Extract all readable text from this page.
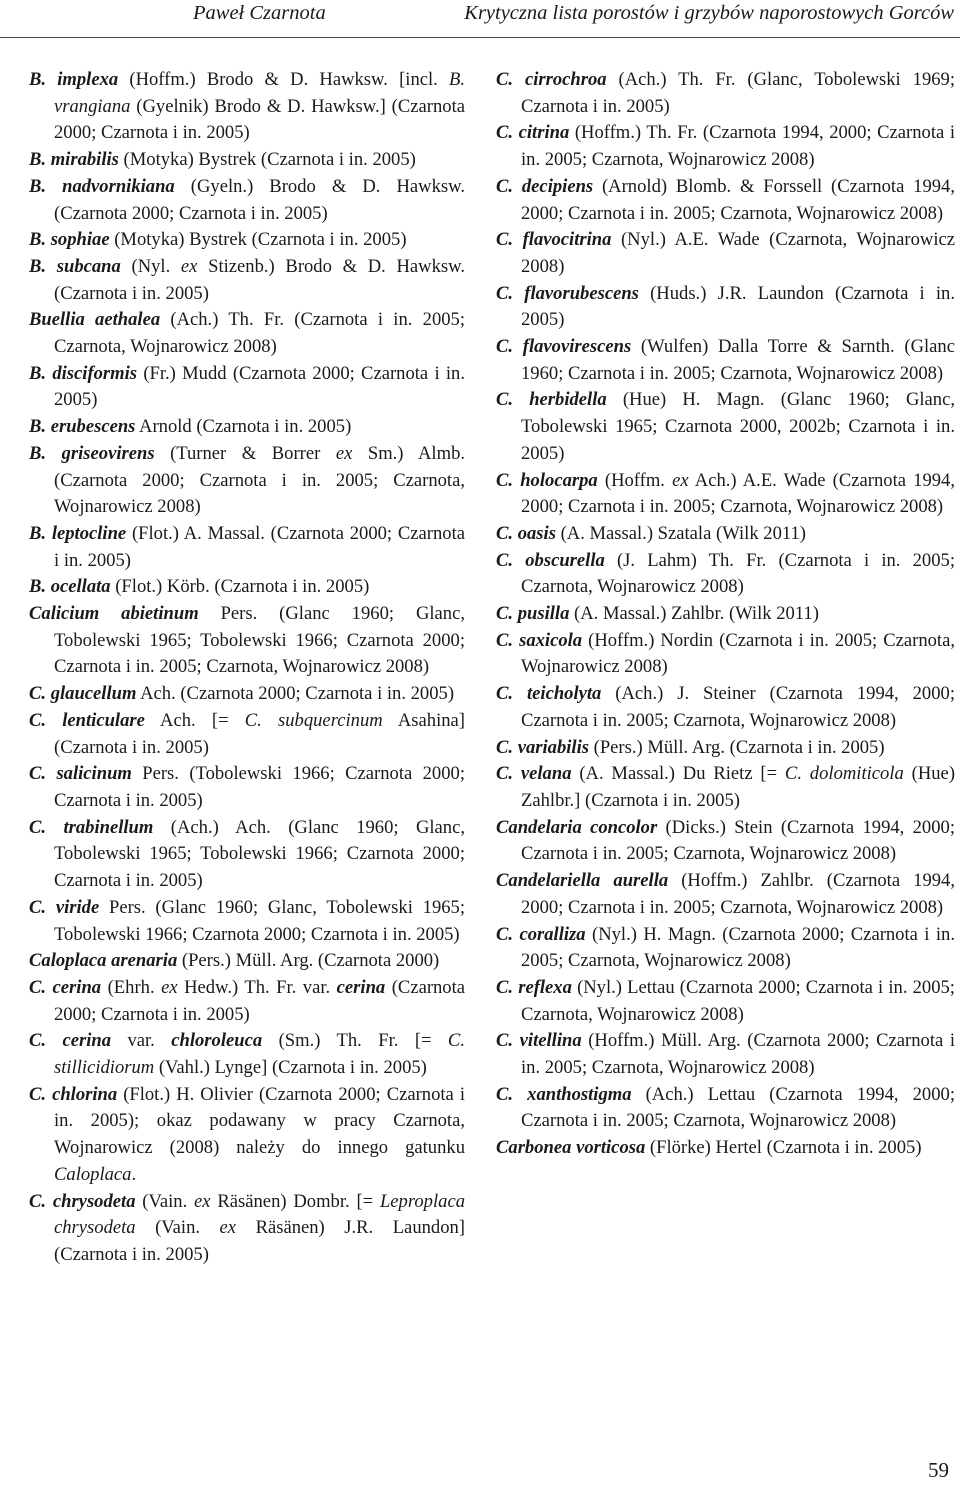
Paweł Czarnota	Krytyczna lista porostów i grzybów naporostowych Gorców

B. implexa (Hoffm.) Brodo & D. Hawksw. [incl. B. vrangiana (Gyelnik) Brodo & D. Hawksw.] (Czarnota 2000; Czarnota i in. 2005)

B. mirabilis (Motyka) Bystrek (Czarnota i in. 2005)

B. nadvornikiana (Gyeln.) Brodo & D. Hawksw. (Czarnota 2000; Czarnota i in. 2005)

B. sophiae (Motyka) Bystrek (Czarnota i in. 2005)

B. subcana (Nyl. ex Stizenb.) Brodo & D. Hawksw. (Czarnota i in. 2005)

Buellia aethalea (Ach.) Th. Fr. (Czarnota i in. 2005; Czarnota, Wojnarowicz 2008)

B. disciformis (Fr.) Mudd (Czarnota 2000; Czarnota i in. 2005)

B. erubescens Arnold (Czarnota i in. 2005)

B. griseovirens (Turner & Borrer ex Sm.) Almb. (Czarnota 2000; Czarnota i in. 2005; Czarnota, Wojnarowicz 2008)

B. leptocline (Flot.) A. Massal. (Czarnota 2000; Czarnota i in. 2005)

B. ocellata (Flot.) Körb. (Czarnota i in. 2005)

Calicium abietinum Pers. (Glanc 1960; Glanc, Tobolewski 1965; Tobolewski 1966; Czarnota 2000; Czarnota i in. 2005; Czarnota, Wojnarowicz 2008)

C. glaucellum Ach. (Czarnota 2000; Czarnota i in. 2005)

C. lenticulare Ach. [= C. subquercinum Asahina] (Czarnota i in. 2005)

C. salicinum Pers. (Tobolewski 1966; Czarnota 2000; Czarnota i in. 2005)

C. trabinellum (Ach.) Ach. (Glanc 1960; Glanc, Tobolewski 1965; Tobolewski 1966; Czarnota 2000; Czarnota i in. 2005)

C. viride Pers. (Glanc 1960; Glanc, Tobolewski 1965; Tobolewski 1966; Czarnota 2000; Czarnota i in. 2005)

Caloplaca arenaria (Pers.) Müll. Arg. (Czarnota 2000)

C. cerina (Ehrh. ex Hedw.) Th. Fr. var. cerina (Czarnota 2000; Czarnota i in. 2005)

C. cerina var. chloroleuca (Sm.) Th. Fr. [= C. stillicidiorum (Vahl.) Lynge] (Czarnota i in. 2005)

C. chlorina (Flot.) H. Olivier (Czarnota 2000; Czarnota i in. 2005); okaz podawany w pracy Czarnota, Wojnarowicz (2008) należy do innego gatunku Caloplaca.

C. chrysodeta (Vain. ex Räsänen) Dombr. [= Leproplaca chrysodeta (Vain. ex Räsänen) J.R. Laundon] (Czarnota i in. 2005)

C. cirrochroa (Ach.) Th. Fr. (Glanc, Tobolewski 1969; Czarnota i in. 2005)

C. citrina (Hoffm.) Th. Fr. (Czarnota 1994, 2000; Czarnota i in. 2005; Czarnota, Wojnarowicz 2008)

C. decipiens (Arnold) Blomb. & Forssell (Czarnota 1994, 2000; Czarnota i in. 2005; Czarnota, Wojnarowicz 2008)

C. flavocitrina (Nyl.) A.E. Wade (Czarnota, Wojnarowicz 2008)

C. flavorubescens (Huds.) J.R. Laundon (Czarnota i in. 2005)

C. flavovirescens (Wulfen) Dalla Torre & Sarnth. (Glanc 1960; Czarnota i in. 2005; Czarnota, Wojnarowicz 2008)

C. herbidella (Hue) H. Magn. (Glanc 1960; Glanc, Tobolewski 1965; Czarnota 2000, 2002b; Czarnota i in. 2005)

C. holocarpa (Hoffm. ex Ach.) A.E. Wade (Czarnota 1994, 2000; Czarnota i in. 2005; Czarnota, Wojnarowicz 2008)

C. oasis (A. Massal.) Szatala (Wilk 2011)

C. obscurella (J. Lahm) Th. Fr. (Czarnota i in. 2005; Czarnota, Wojnarowicz 2008)

C. pusilla (A. Massal.) Zahlbr. (Wilk 2011)

C. saxicola (Hoffm.) Nordin (Czarnota i in. 2005; Czarnota, Wojnarowicz 2008)

C. teicholyta (Ach.) J. Steiner (Czarnota 1994, 2000; Czarnota i in. 2005; Czarnota, Wojnarowicz 2008)

C. variabilis (Pers.) Müll. Arg. (Czarnota i in. 2005)

C. velana (A. Massal.) Du Rietz [= C. dolomiticola (Hue) Zahlbr.] (Czarnota i in. 2005)

Candelaria concolor (Dicks.) Stein (Czarnota 1994, 2000; Czarnota i in. 2005; Czarnota, Wojnarowicz 2008)

Candelariella aurella (Hoffm.) Zahlbr. (Czarnota 1994, 2000; Czarnota i in. 2005; Czarnota, Wojnarowicz 2008)

C. coralliza (Nyl.) H. Magn. (Czarnota 2000; Czarnota i in. 2005; Czarnota, Wojnarowicz 2008)

C. reflexa (Nyl.) Lettau (Czarnota 2000; Czarnota i in. 2005; Czarnota, Wojnarowicz 2008)

C. vitellina (Hoffm.) Müll. Arg. (Czarnota 2000; Czarnota i in. 2005; Czarnota, Wojnarowicz 2008)

C. xanthostigma (Ach.) Lettau (Czarnota 1994, 2000; Czarnota i in. 2005; Czarnota, Wojnarowicz 2008)

Carbonea vorticosa (Flörke) Hertel (Czarnota i in. 2005)

59
